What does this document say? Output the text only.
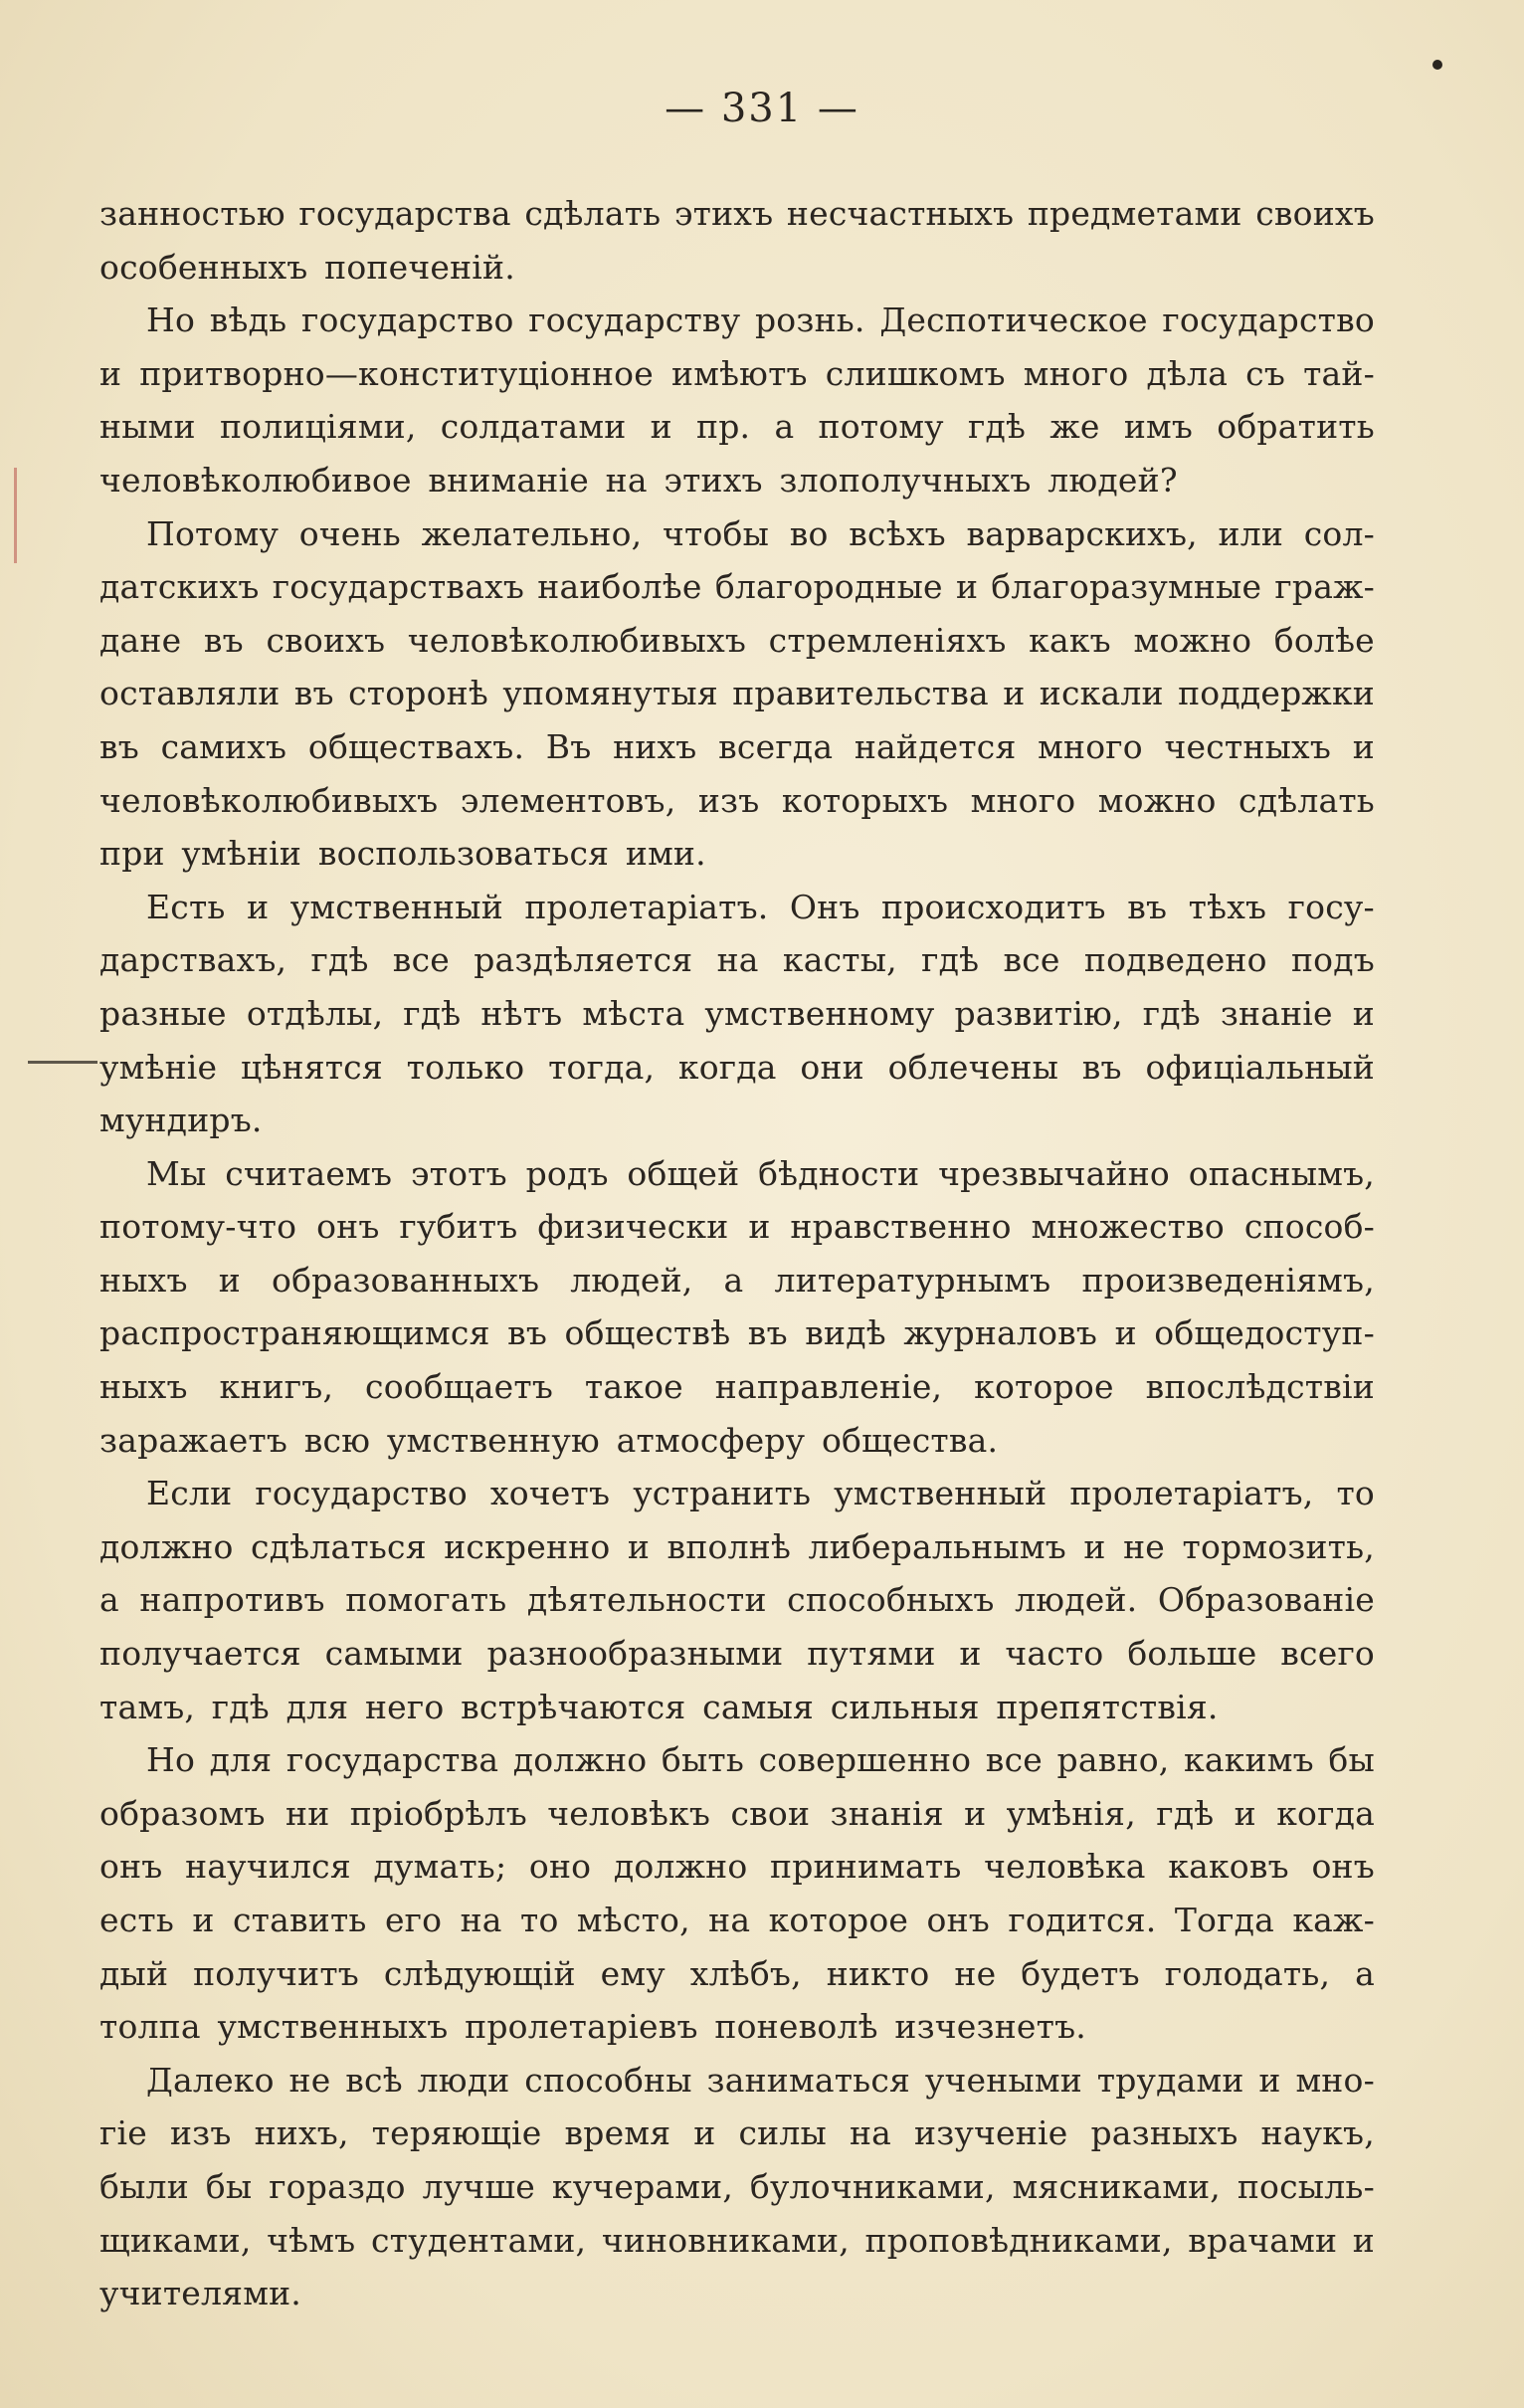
— 331 —
занностью государства сдѣлать этихъ несчастныхъ предметами своихъ
особенныхъ попеченій.
Но вѣдь государство государству рознь. Деспотическое государство
и притворно—конституціонное имѣютъ слишкомъ много дѣла съ тай-
ными полиціями, солдатами и пр. а потому гдѣ же имъ обратить
человѣколюбивое вниманіе на этихъ злополучныхъ людей?
Потому очень желательно, чтобы во всѣхъ варварскихъ, или сол-
датскихъ государствахъ наиболѣе благородные и благоразумные граж-
дане въ своихъ человѣколюбивыхъ стремленіяхъ какъ можно болѣе
оставляли въ сторонѣ упомянутыя правительства и искали поддержки
въ самихъ обществахъ. Въ нихъ всегда найдется много честныхъ и
человѣколюбивыхъ элементовъ, изъ которыхъ много можно сдѣлать
при умѣніи воспользоваться ими.
Есть и умственный пролетаріатъ. Онъ происходитъ въ тѣхъ госу-
дарствахъ, гдѣ все раздѣляется на касты, гдѣ все подведено подъ
разные отдѣлы, гдѣ нѣтъ мѣста умственному развитію, гдѣ знаніе и
умѣніе цѣнятся только тогда, когда они облечены въ офиціальный
мундиръ.
Мы считаемъ этотъ родъ общей бѣдности чрезвычайно опаснымъ,
потому-что онъ губитъ физически и нравственно множество способ-
ныхъ и образованныхъ людей, а литературнымъ произведеніямъ,
распространяющимся въ обществѣ въ видѣ журналовъ и общедоступ-
ныхъ книгъ, сообщаетъ такое направленіе, которое впослѣдствіи
заражаетъ всю умственную атмосферу общества.
Если государство хочетъ устранить умственный пролетаріатъ, то
должно сдѣлаться искренно и вполнѣ либеральнымъ и не тормозить,
а напротивъ помогать дѣятельности способныхъ людей. Образованіе
получается самыми разнообразными путями и часто больше всего
тамъ, гдѣ для него встрѣчаются самыя сильныя препятствія.
Но для государства должно быть совершенно все равно, какимъ бы
образомъ ни пріобрѣлъ человѣкъ свои знанія и умѣнія, гдѣ и когда
онъ научился думать; оно должно принимать человѣка каковъ онъ
есть и ставить его на то мѣсто, на которое онъ годится. Тогда каж-
дый получитъ слѣдующій ему хлѣбъ, никто не будетъ голодать, а
толпа умственныхъ пролетаріевъ поневолѣ изчезнетъ.
Далеко не всѣ люди способны заниматься учеными трудами и мно-
гіе изъ нихъ, теряющіе время и силы на изученіе разныхъ наукъ,
были бы гораздо лучше кучерами, булочниками, мясниками, посыль-
щиками, чѣмъ студентами, чиновниками, проповѣдниками, врачами и
учителями.
